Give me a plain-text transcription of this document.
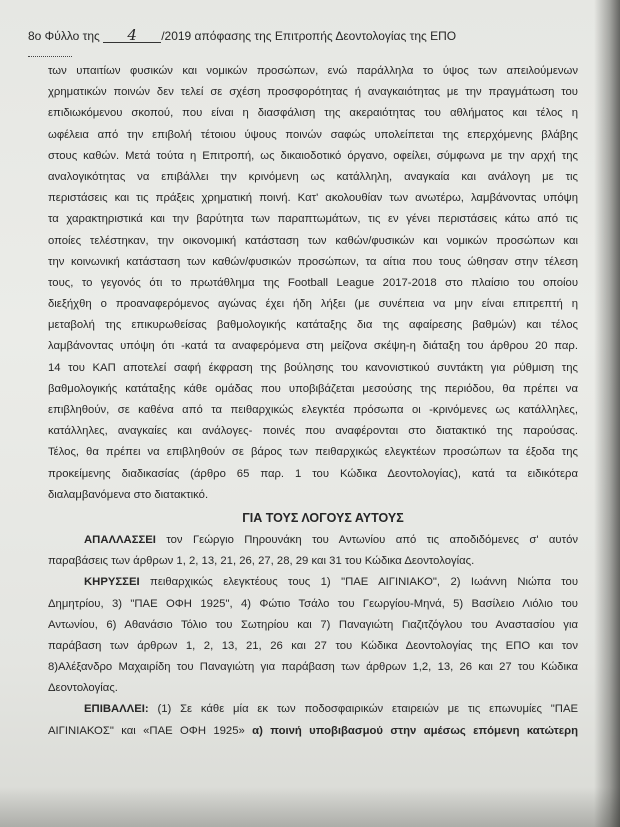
8ο Φύλλο της 4 /2019 απόφασης της Επιτροπής Δεοντολογίας της ΕΠΟ
των υπαιτίων φυσικών και νομικών προσώπων, ενώ παράλληλα το ύψος των απειλούμενων
χρηματικών ποινών δεν τελεί σε σχέση προσφορότητας ή αναγκαιότητας με την πραγμάτωση του
επιδιωκόμενου σκοπού, που είναι η διασφάλιση της ακεραιότητας του αθλήματος και τέλος η
ωφέλεια από την επιβολή τέτοιου ύψους ποινών σαφώς υπολείπεται της επερχόμενης βλάβης
στους καθών. Μετά τούτα η Επιτροπή, ως δικαιοδοτικό όργανο, οφείλει, σύμφωνα με την αρχή της
αναλογικότητας να επιβάλλει την κρινόμενη ως κατάλληλη, αναγκαία και ανάλογη με τις
περιστάσεις και τις πράξεις χρηματική ποινή. Κατ' ακολουθίαν των ανωτέρω, λαμβάνοντας υπόψη
τα χαρακτηριστικά και την βαρύτητα των παραπτωμάτων, τις εν γένει περιστάσεις κάτω από τις
οποίες τελέστηκαν, την οικονομική κατάσταση των καθών/φυσικών και νομικών προσώπων και
την κοινωνική κατάσταση των καθών/φυσικών προσώπων, τα αίτια που τους ώθησαν στην τέλεση
τους, το γεγονός ότι το πρωτάθλημα της Football League 2017-2018 στο πλαίσιο του οποίου
διεξήχθη ο προαναφερόμενος αγώνας έχει ήδη λήξει (με συνέπεια να μην είναι επιτρεπτή η
μεταβολή της επικυρωθείσας βαθμολογικής κατάταξης δια της αφαίρεσης βαθμών) και τέλος
λαμβάνοντας υπόψη ότι -κατά τα αναφερόμενα στη μείζονα σκέψη-η διάταξη του άρθρου 20 παρ.
14 του ΚΑΠ αποτελεί σαφή έκφραση της βούλησης του κανονιστικού συντάκτη για ρύθμιση της
βαθμολογικής κατάταξης κάθε ομάδας που υποβιβάζεται μεσούσης της περιόδου, θα πρέπει να
επιβληθούν, σε καθένα από τα πειθαρχικώς ελεγκτέα πρόσωπα οι -κρινόμενες ως κατάλληλες,
κατάλληλες, αναγκαίες και ανάλογες- ποινές που αναφέρονται στο διατακτικό της παρούσας.
Τέλος, θα πρέπει να επιβληθούν σε βάρος των πειθαρχικώς ελεγκτέων προσώπων τα έξοδα της
προκείμενης διαδικασίας (άρθρο 65 παρ. 1 του Κώδικα Δεοντολογίας), κατά τα ειδικότερα
διαλαμβανόμενα στο διατακτικό.
ΓΙΑ ΤΟΥΣ ΛΟΓΟΥΣ ΑΥΤΟΥΣ
ΑΠΑΛΛΑΣΣΕΙ τον Γεώργιο Πηρουνάκη του Αντωνίου από τις αποδιδόμενες σ' αυτόν
παραβάσεις των άρθρων 1, 2, 13, 21, 26, 27, 28, 29 και 31 του Κώδικα Δεοντολογίας.
ΚΗΡΥΣΣΕΙ πειθαρχικώς ελεγκτέους τους 1) "ΠΑΕ ΑΙΓΙΝΙΑΚΟ", 2) Ιωάννη Νιώπα του
Δημητρίου, 3) "ΠΑΕ ΟΦΗ 1925", 4) Φώτιο Τσάλο του Γεωργίου-Μηνά, 5) Βασίλειο Λιόλιο του
Αντωνίου, 6) Αθανάσιο Τόλιο του Σωτηρίου και 7) Παναγιώτη Γιαζιτζόγλου του Αναστασίου για
παράβαση των άρθρων 1, 2, 13, 21, 26 και 27 του Κώδικα Δεοντολογίας της ΕΠΟ και τον
8)Αλέξανδρο Μαχαιρίδη του Παναγιώτη για παράβαση των άρθρων 1,2, 13, 26 και 27 του Κώδικα
Δεοντολογίας.
ΕΠΙΒΑΛΛΕΙ: (1) Σε κάθε μία εκ των ποδοσφαιρικών εταιρειών με τις επωνυμίες "ΠΑΕ
ΑΙΓΙΝΙΑΚΟΣ" και «ΠΑΕ ΟΦΗ 1925» α) ποινή υποβιβασμού στην αμέσως επόμενη κατώτερη
